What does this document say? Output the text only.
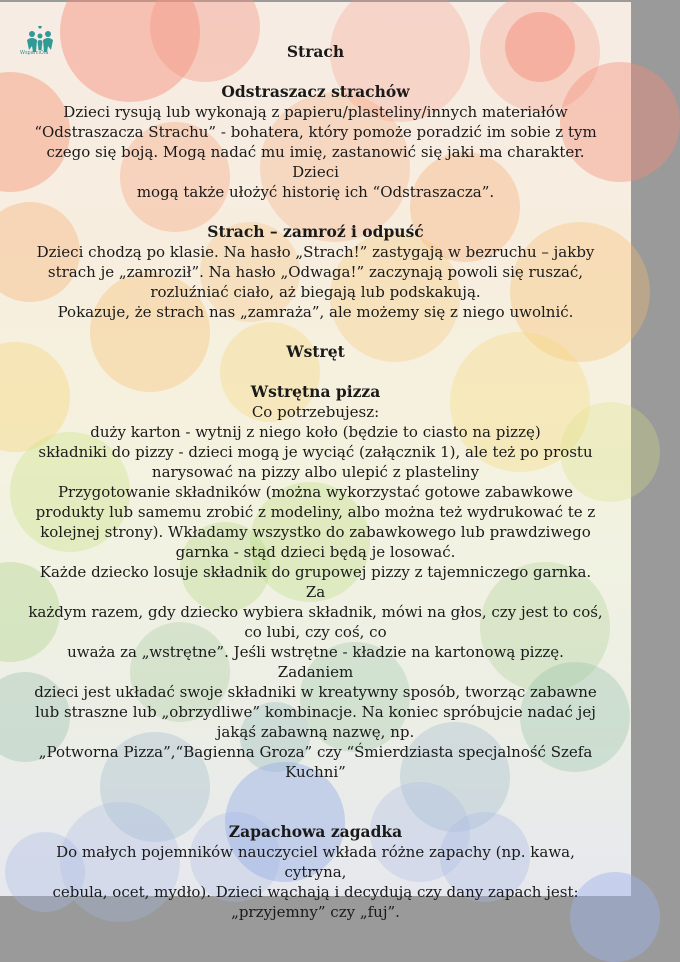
WsparciOla	Strach
Odstraszacz strachów

Dzieci rysują lub wykonają z papieru/plasteliny/innych materiałów

“Odstraszacza Strachu” - bohatera, który pomoże poradzić im sobie z tym

czego się boją. Mogą nadać mu imię, zastanowić się jaki ma charakter. Dzieci

mogą także ułożyć historię ich “Odstraszacza”.

Strach – zamroź i odpuść

Dzieci chodzą po klasie. Na hasło „Strach!” zastygają w bezruchu – jakby

strach je „zamroził”. Na hasło „Odwaga!” zaczynają powoli się ruszać,

rozluźniać ciało, aż biegają lub podskakują.

Pokazuje, że strach nas „zamraża”, ale możemy się z niego uwolnić.

Wstręt
Wstrętna pizza

Co potrzebujesz:

duży karton - wytnij z niego koło (będzie to ciasto na pizzę)

składniki do pizzy - dzieci mogą je wyciąć (załącznik 1), ale też po prostu

narysować na pizzy albo ulepić z plasteliny

Przygotowanie składników (można wykorzystać gotowe zabawkowe

produkty lub samemu zrobić z modeliny, albo można też wydrukować te z

kolejnej strony). Wkładamy wszystko do zabawkowego lub prawdziwego

garnka - stąd dzieci będą je losować.

Każde dziecko losuje składnik do grupowej pizzy z tajemniczego garnka. Za

każdym razem, gdy dziecko wybiera składnik, mówi na głos, czy jest to coś,

co lubi, czy coś, co

uważa za „wstrętne”. Jeśli wstrętne - kładzie na kartonową pizzę. Zadaniem

dzieci jest układać swoje składniki w kreatywny sposób, tworząc zabawne

lub straszne lub „obrzydliwe” kombinacje. Na koniec spróbujcie nadać jej

jakąś zabawną nazwę, np.

„Potworna Pizza”,“Bagienna Groza” czy “Śmierdziasta specjalność Szefa

Kuchni”

Zapachowa zagadka

Do małych pojemników nauczyciel wkłada różne zapachy (np. kawa, cytryna,

cebula, ocet, mydło). Dzieci wąchają i decydują czy dany zapach jest:

„przyjemny” czy „fuj”.
